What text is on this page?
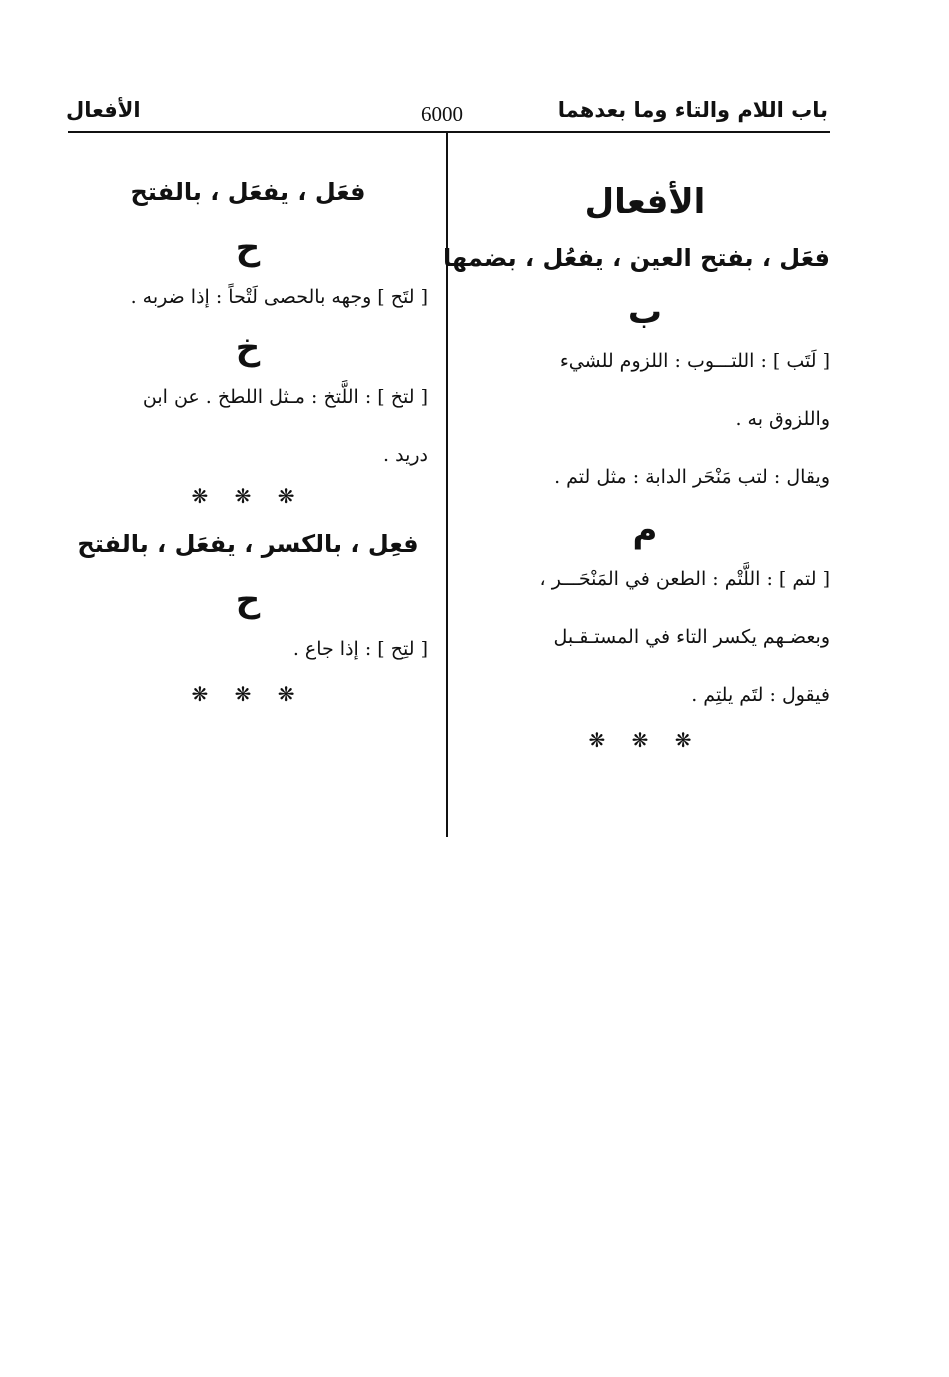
باب اللام والتاء وما بعدهما
6000
الأفعال
الأفعال
فعَل ، بفتح العين ، يفعُل ، بضمها
ب

[ لَتَب ] : اللتـــوب : اللزوم للشيء

واللزوق به .

ويقال : لتب مَنْحَر الدابة : مثل لتم .

م

[ لتم ] : اللَّتْم : الطعن في المَنْحَـــر ،

وبعضـهم يكسر التاء في المستـقـبل

فيقول : لتَم يلتِم .

❋ ❋ ❋
فعَل ، يفعَل ، بالفتح
ح

[ لتَح ] وجهه بالحصى لَتْحاً : إذا ضربه .

خ

[ لتخ ] : اللَّتخ : مـثل اللطخ . عن ابن

دريد .

❋ ❋ ❋
فعِل ، بالكسر ، يفعَل ، بالفتح
ح

[ لتِح ] : إذا جاع .

❋ ❋ ❋
